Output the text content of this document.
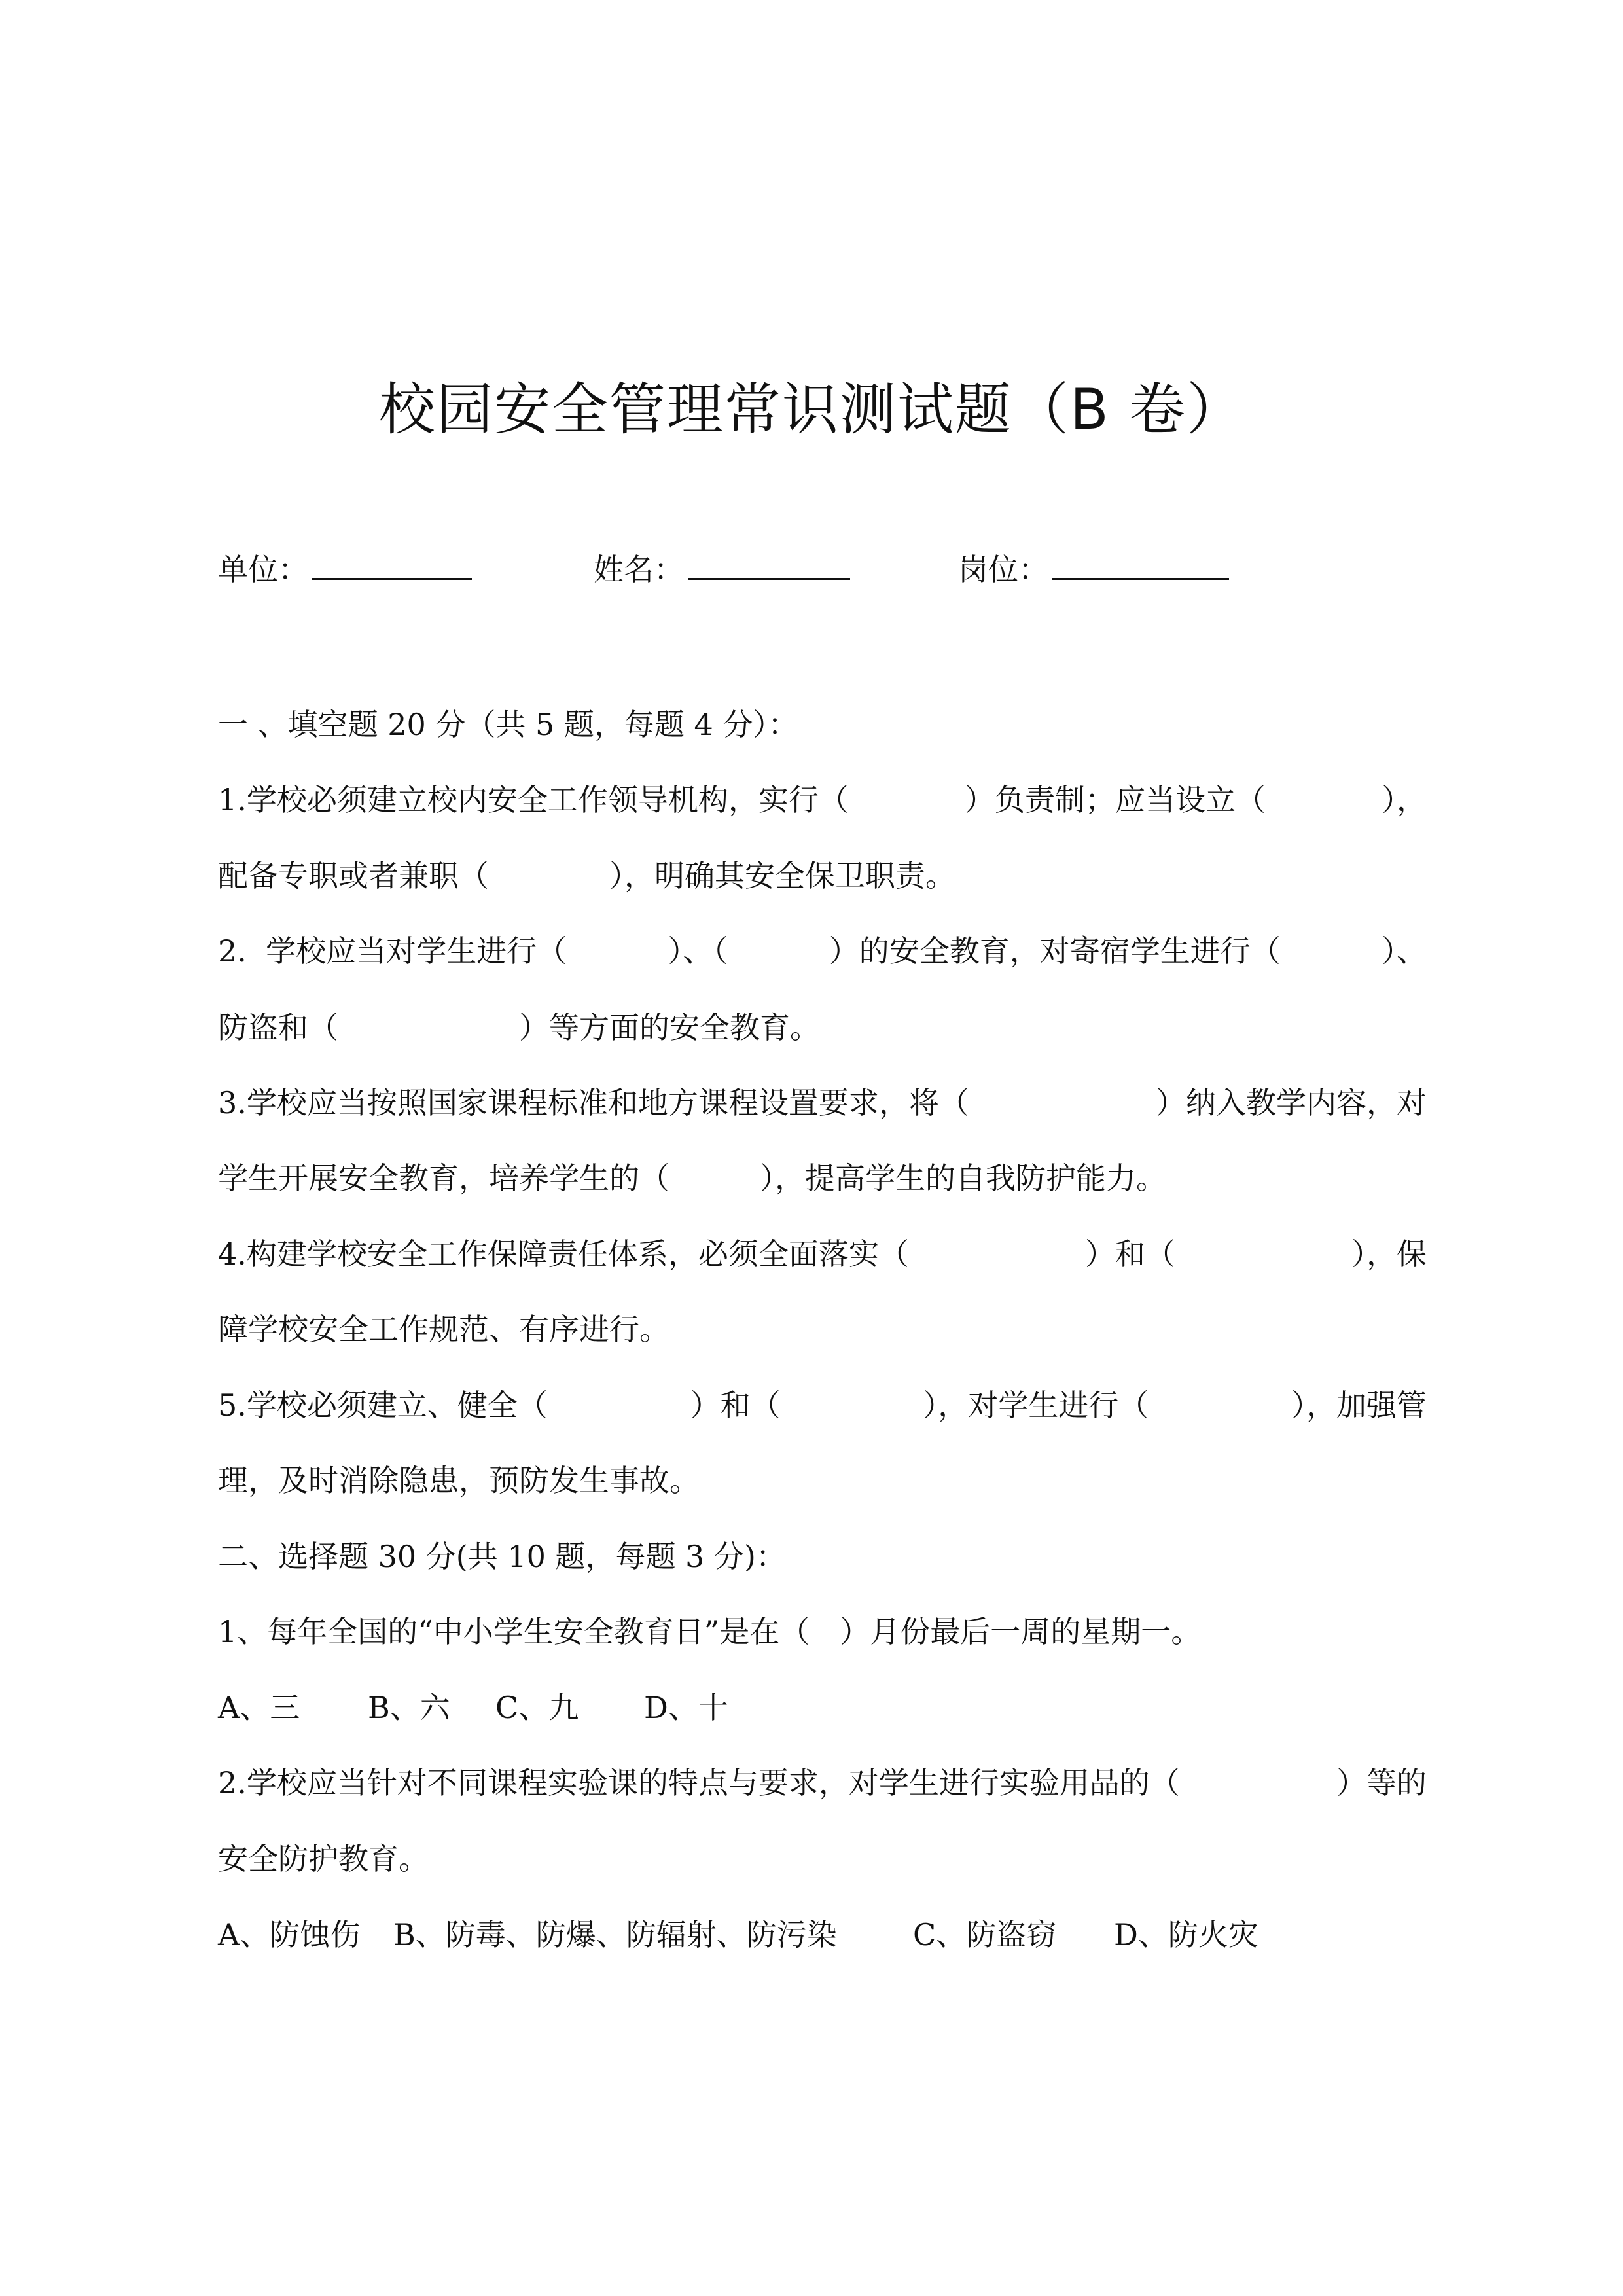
校园安全管理常识测试题（B 卷）
单位：	姓名：	岗位：
一 、填空题 20 分（共 5 题，每题 4 分）：
1.学校必须建立校内安全工作领导机构，实行（	）负责制；应当设立（	），
配备专职或者兼职（　　　　），明确其安全保卫职责。
2.  学校应当对学生进行（	）、（	）的安全教育，对寄宿学生进行（	）、
防盗和（　　　　　　）等方面的安全教育。
3.学校应当按照国家课程标准和地方课程设置要求，将（	）纳入教学内容，对
学生开展安全教育，培养学生的（　　　），提高学生的自我防护能力。
4.构建学校安全工作保障责任体系，必须全面落实（	）和（	），保
障学校安全工作规范、有序进行。
5.学校必须建立、健全（	）和（	），对学生进行（	），加强管
理，及时消除隐患，预防发生事故。
二、选择题 30 分(共 10 题，每题 3 分)：
1、每年全国的“中小学生安全教育日”是在（　）月份最后一周的星期一。
A、三 B、六 C、九 D、十
2.学校应当针对不同课程实验课的特点与要求，对学生进行实验用品的（	）等的
安全防护教育。
A、防蚀伤 B、防毒、防爆、防辐射、防污染	C、防盗窃 D、防火灾
